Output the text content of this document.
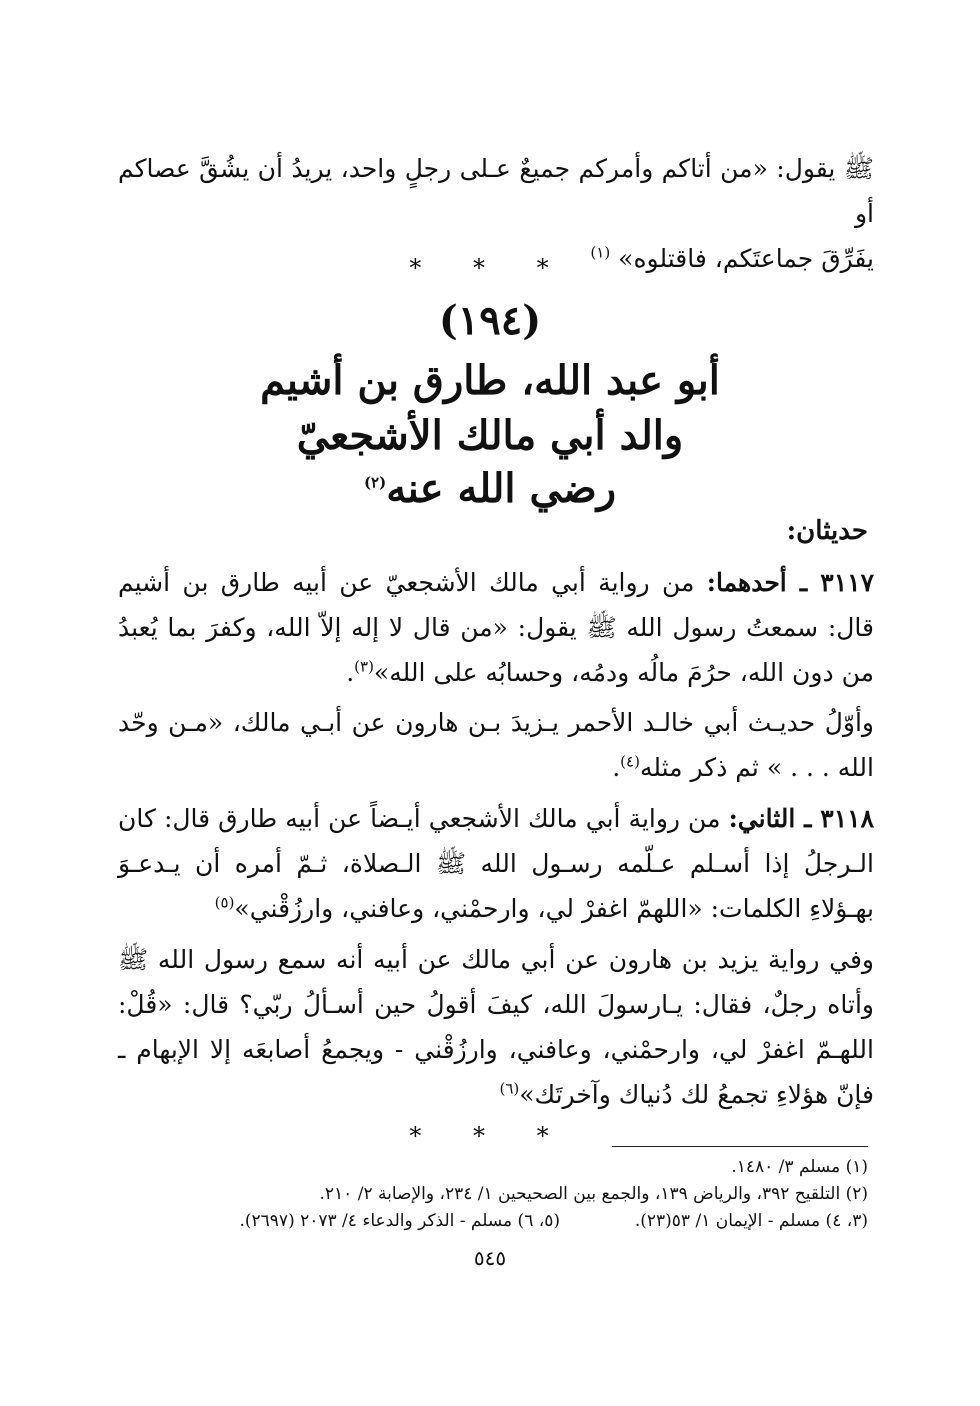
ﷺ يقول: «من أتاكم وأمركم جميعٌ عـلى رجلٍ واحد، يريدُ أن يشُقَّ عصاكم أو
يفَرِّقَ جماعتَكم، فاقتلوه» $^{(١)}$

* * *
(١٩٤)
أبو عبد الله، طارق بن أشيم
والد أبي مالك الأشجعيّ
رضي الله عنه$^{(٢)}$
حديثان:

٣١١٧ ـ أحدهما: من رواية أبي مالك الأشجعيّ عن أبيه طارق بن أشيم قال: سمعتُ رسول الله ﷺ يقول: «من قال لا إله إلاّ الله، وكفرَ بما يُعبدُ من دون الله، حرُمَ مالُه ودمُه، وحسابُه على الله»$^{(٣)}$.

وأوّلُ حديـث أبي خالـد الأحمر يـزيدَ بـن هارون عن أبـي مالك، «مـن وحّد الله . . . » ثم ذكر مثله$^{(٤)}$.

٣١١٨ ـ الثاني: من رواية أبي مالك الأشجعي أيـضاً عن أبيه طارق قال: كان الـرجلُ إذا أسـلم عـلّمه رسـول الله ﷺ الـصلاة، ثـمّ أمره أن يـدعـوَ بهـؤلاءِ الكلمات: «اللهمّ اغفرْ لي، وارحمْني، وعافني، وارزُقْني»$^{(٥)}$

وفي رواية يزيد بن هارون عن أبي مالك عن أبيه أنه سمع رسول الله ﷺ وأتاه رجلٌ، فقال: يـارسولَ الله، كيفَ أقولُ حين أسـألُ ربّي؟ قال: «قُلْ: اللهـمّ اغفرْ لي، وارحمْني، وعافني، وارزُقْني - ويجمعُ أصابعَه إلا الإبهام ـ فإنّ هؤلاءِ تجمعُ لك دُنياك وآخرتَك»$^{(٦)}$

* * *
(١) مسلم ٣/ ١٤٨٠.
(٢) التلقيح ٣٩٢، والرياض ١٣٩، والجمع بين الصحيحين ١/ ٢٣٤، والإصابة ٢/ ٢١٠.
(٣، ٤) مسلم - الإيمان ١/ ٥٣(٢٣).
(٥، ٦) مسلم - الذكر والدعاء ٤/ ٢٠٧٣ (٢٦٩٧).
٥٤٥
